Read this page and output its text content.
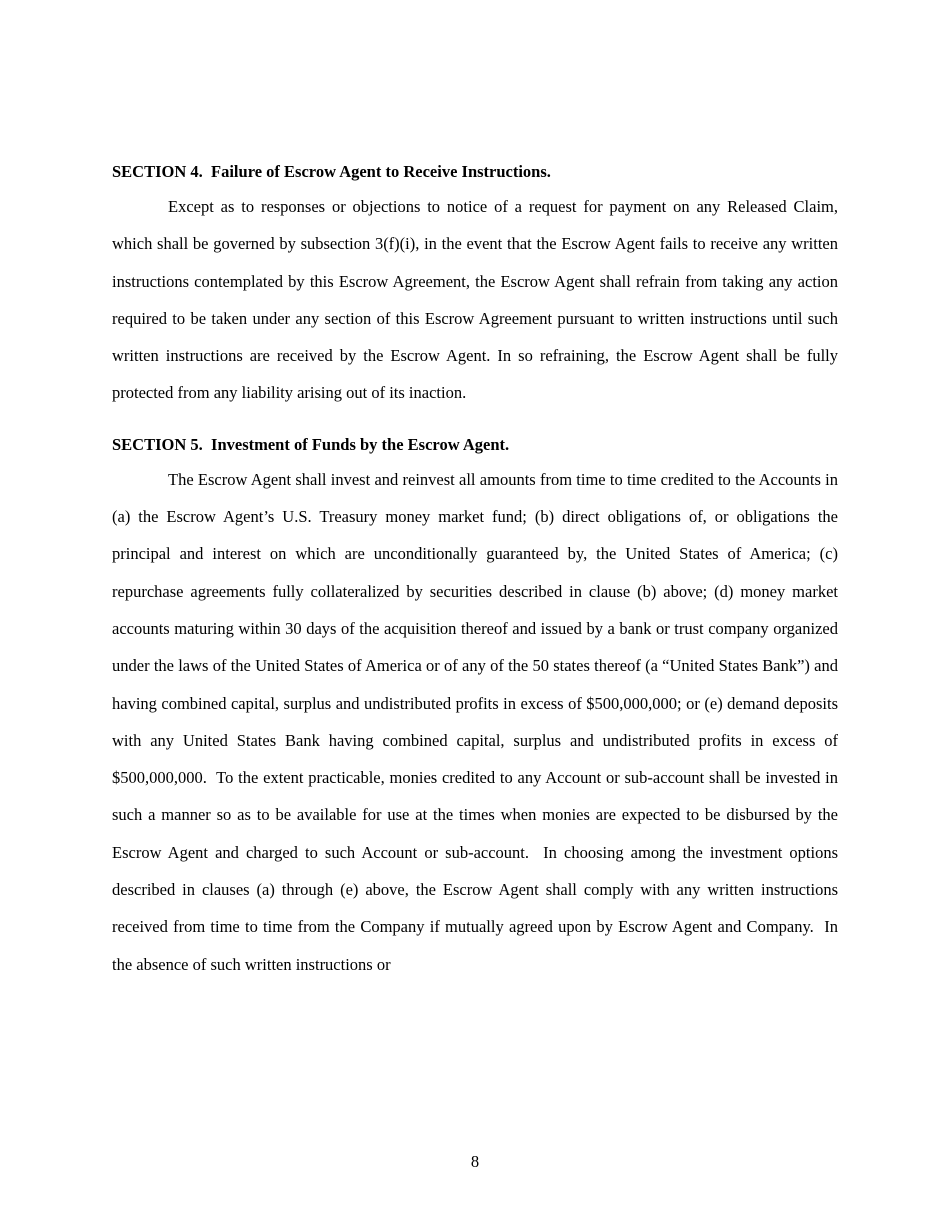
SECTION 4.  Failure of Escrow Agent to Receive Instructions.

Except as to responses or objections to notice of a request for payment on any Released Claim, which shall be governed by subsection 3(f)(i), in the event that the Escrow Agent fails to receive any written instructions contemplated by this Escrow Agreement, the Escrow Agent shall refrain from taking any action required to be taken under any section of this Escrow Agreement pursuant to written instructions until such written instructions are received by the Escrow Agent. In so refraining, the Escrow Agent shall be fully protected from any liability arising out of its inaction.

SECTION 5.  Investment of Funds by the Escrow Agent.

The Escrow Agent shall invest and reinvest all amounts from time to time credited to the Accounts in (a) the Escrow Agent’s U.S. Treasury money market fund; (b) direct obligations of, or obligations the principal and interest on which are unconditionally guaranteed by, the United States of America; (c) repurchase agreements fully collateralized by securities described in clause (b) above; (d) money market accounts maturing within 30 days of the acquisition thereof and issued by a bank or trust company organized under the laws of the United States of America or of any of the 50 states thereof (a “United States Bank”) and having combined capital, surplus and undistributed profits in excess of $500,000,000; or (e) demand deposits with any United States Bank having combined capital, surplus and undistributed profits in excess of $500,000,000.  To the extent practicable, monies credited to any Account or sub-account shall be invested in such a manner so as to be available for use at the times when monies are expected to be disbursed by the Escrow Agent and charged to such Account or sub-account.  In choosing among the investment options described in clauses (a) through (e) above, the Escrow Agent shall comply with any written instructions received from time to time from the Company if mutually agreed upon by Escrow Agent and Company.  In the absence of such written instructions or

8
